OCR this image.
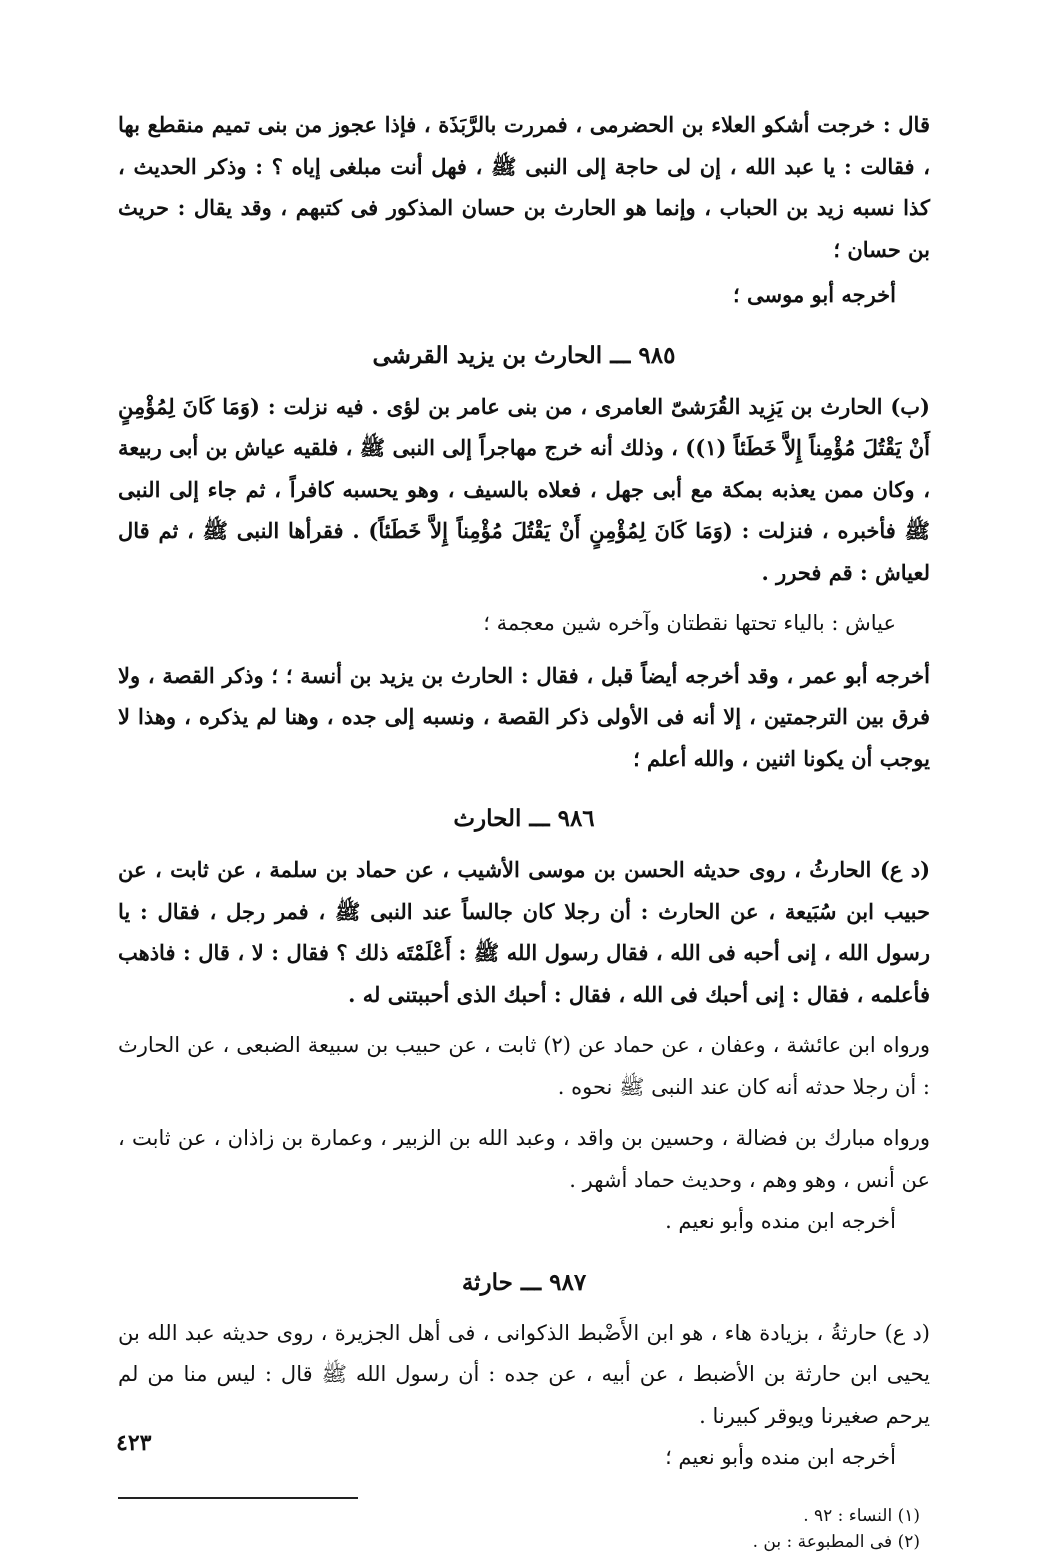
قال : خرجت أشكو العلاء بن الحضرمى ، فمررت بالرَّبَذَة ، فإذا عجوز من بنى تميم منقطع بها ، فقالت : يا عبد الله ، إن لى حاجة إلى النبى ﷺ ، فهل أنت مبلغى إياه ؟ : وذكر الحديث ، كذا نسبه زيد بن الحباب ، وإنما هو الحارث بن حسان المذكور فى كتبهم ، وقد يقال : حريث بن حسان ؛

أخرجه أبو موسى ؛

٩٨٥ ـــ الحارث بن يزيد القرشى

(ب) الحارث بن يَزِيد القُرَشىّ العامرى ، من بنى عامر بن لؤى . فيه نزلت : (وَمَا كَانَ لِمُؤْمِنٍ أَنْ يَقْتُلَ مُؤْمِناً إِلاَّ خَطَئاً (١)) ، وذلك أنه خرج مهاجراً إلى النبى ﷺ ، فلقيه عياش بن أبى ربيعة ، وكان ممن يعذبه بمكة مع أبى جهل ، فعلاه بالسيف ، وهو يحسبه كافراً ، ثم جاء إلى النبى ﷺ فأخبره ، فنزلت : (وَمَا كَانَ لِمُؤْمِنٍ أَنْ يَقْتُلَ مُؤْمِناً إِلاَّ خَطَئاً) . فقرأها النبى ﷺ ، ثم قال لعياش : قم فحرر .

عياش : بالياء تحتها نقطتان وآخره شين معجمة ؛

أخرجه أبو عمر ، وقد أخرجه أيضاً قبل ، فقال : الحارث بن يزيد بن أنسة ؛ ؛ وذكر القصة ، ولا فرق بين الترجمتين ، إلا أنه فى الأولى ذكر القصة ، ونسبه إلى جده ، وهنا لم يذكره ، وهذا لا يوجب أن يكونا اثنين ، والله أعلم ؛

٩٨٦ ـــ الحارث

(د ع) الحارثُ ، روى حديثه الحسن بن موسى الأشيب ، عن حماد بن سلمة ، عن ثابت ، عن حبيب ابن سُبَيعة ، عن الحارث : أن رجلا كان جالساً عند النبى ﷺ ، فمر رجل ، فقال : يا رسول الله ، إنى أحبه فى الله ، فقال رسول الله ﷺ : أَعْلَمْتَه ذلك ؟ فقال : لا ، قال : فاذهب فأعلمه ، فقال : إنى أحبك فى الله ، فقال : أحبك الذى أحببتنى له .

ورواه ابن عائشة ، وعفان ، عن حماد عن (٢) ثابت ، عن حبيب بن سبيعة الضبعى ، عن الحارث : أن رجلا حدثه أنه كان عند النبى ﷺ نحوه .

ورواه مبارك بن فضالة ، وحسين بن واقد ، وعبد الله بن الزبير ، وعمارة بن زاذان ، عن ثابت ، عن أنس ، وهو وهم ، وحديث حماد أشهر .

أخرجه ابن منده وأبو نعيم .

٩٨٧ ـــ حارثة

(د ع) حارثةُ ، بزيادة هاء ، هو ابن الأَضْبط الذكوانى ، فى أهل الجزيرة ، روى حديثه عبد الله بن يحيى ابن حارثة بن الأضبط ، عن أبيه ، عن جده : أن رسول الله ﷺ قال : ليس منا من لم يرحم صغيرنا ويوقر كبيرنا .

أخرجه ابن منده وأبو نعيم ؛

(١) النساء : ٩٢ .

(٢) فى المطبوعة : بن .

٤٢٣
